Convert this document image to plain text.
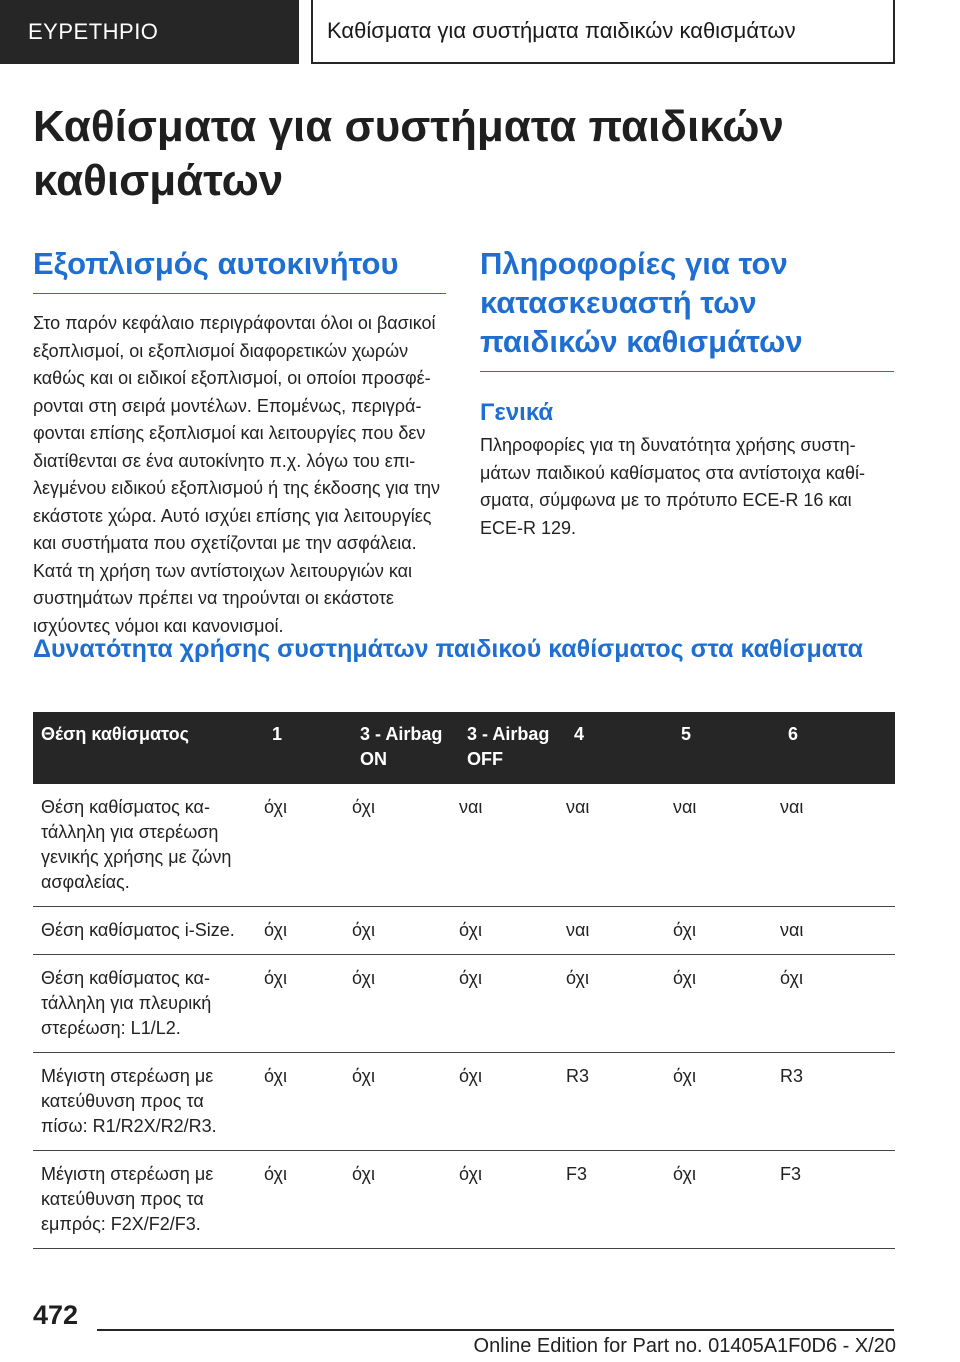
ΕΥΡΕΤΗΡΙΟ	Καθίσματα για συστήματα παιδικών καθισμάτων
Καθίσματα για συστήματα παιδικών καθισμάτων
Εξοπλισμός αυτοκινήτου

Στο παρόν κεφάλαιο περιγράφονται όλοι οι βασικοί εξοπλισμοί, οι εξοπλισμοί διαφορετικών χωρών καθώς και οι ειδικοί εξοπλισμοί, οι οποίοι προσφέρονται στη σειρά μοντέλων. Επομένως, περιγράφονται επίσης εξοπλισμοί και λειτουργίες που δεν διατίθενται σε ένα αυτοκίνητο π.χ. λόγω του επιλεγμένου ειδικού εξοπλισμού ή της έκδοσης για την εκάστοτε χώρα. Αυτό ισχύει επίσης για λειτουργίες και συστήματα που σχετίζονται με την ασφάλεια. Κατά τη χρήση των αντίστοιχων λειτουργιών και συστημάτων πρέπει να τηρούνται οι εκάστοτε ισχύοντες νόμοι και κανονισμοί.

Πληροφορίες για τον κατασκευαστή των παιδικών καθισμάτων
Γενικά

Πληροφορίες για τη δυνατότητα χρήσης συστημάτων παιδικού καθίσματος στα αντίστοιχα καθίσματα, σύμφωνα με το πρότυπο ECE-R 16 και ECE-R 129.

Δυνατότητα χρήσης συστημάτων παιδικού καθίσματος στα καθίσματα
Θέση καθίσματος	1	3 - Airbag ON	3 - Airbag OFF	4	5	6
Θέση καθίσματος κατάλληλη για στερέωση γενικής χρήσης με ζώνη ασφαλείας.	όχι	όχι	ναι	ναι	ναι	ναι
Θέση καθίσματος i-Size.	όχι	όχι	όχι	ναι	όχι	ναι
Θέση καθίσματος κατάλληλη για πλευρική στερέωση: L1/L2.	όχι	όχι	όχι	όχι	όχι	όχι
Μέγιστη στερέωση με κατεύθυνση προς τα πίσω: R1/R2X/R2/R3.	όχι	όχι	όχι	R3	όχι	R3
Μέγιστη στερέωση με κατεύθυνση προς τα εμπρός: F2X/F2/F3.	όχι	όχι	όχι	F3	όχι	F3
472
Online Edition for Part no. 01405A1F0D6 - X/20
